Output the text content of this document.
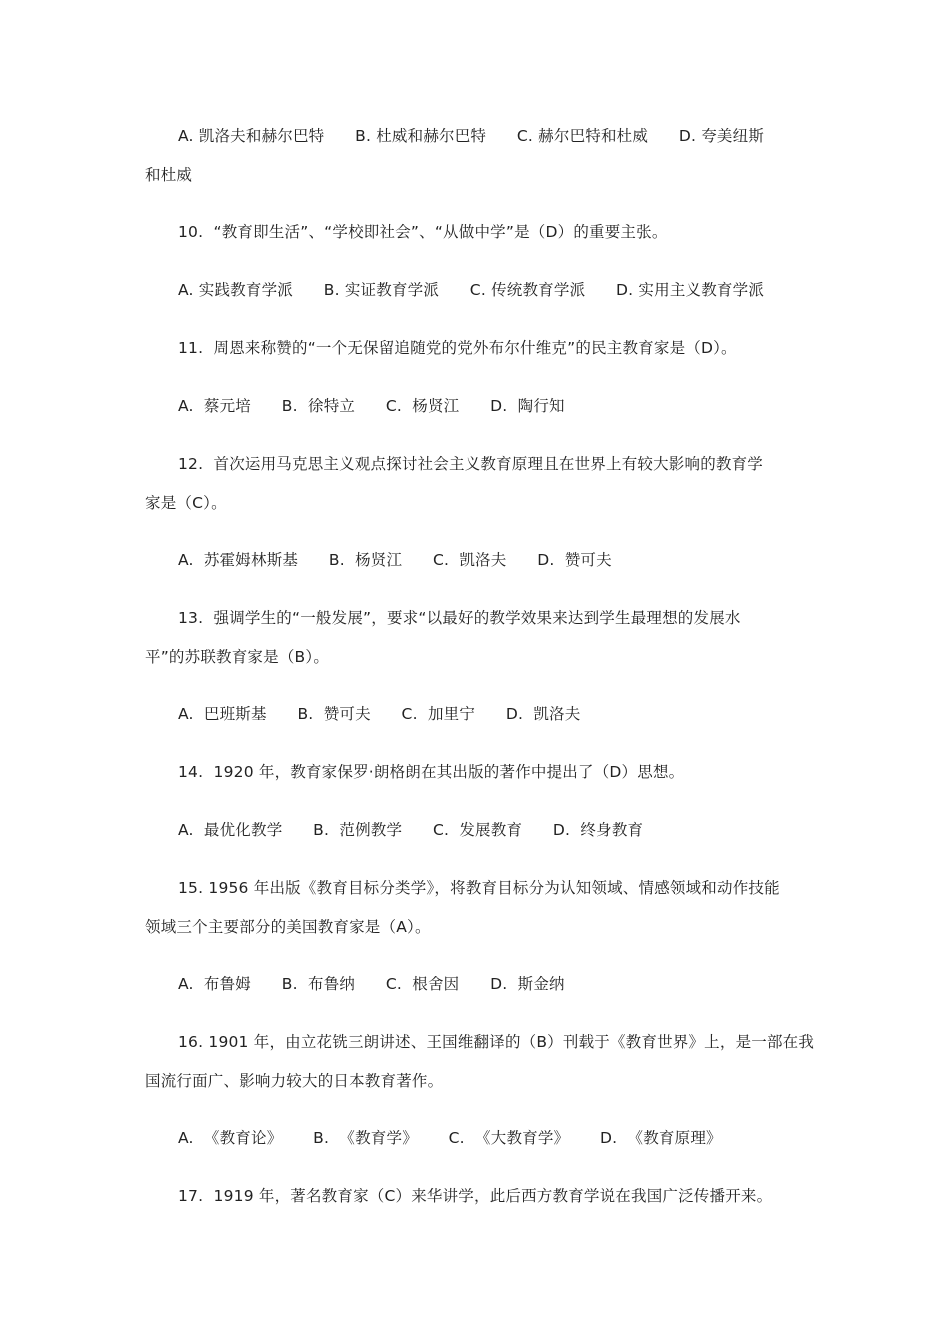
A. 凯洛夫和赫尔巴特      B. 杜威和赫尔巴特      C. 赫尔巴特和杜威      D. 夸美纽斯
和杜威
10.  “教育即生活”、“学校即社会”、“从做中学”是（D）的重要主张。
A. 实践教育学派      B. 实证教育学派      C. 传统教育学派      D. 实用主义教育学派
11.  周恩来称赞的“一个无保留追随党的党外布尔什维克”的民主教育家是（D）。
A.  蔡元培      B.  徐特立      C.  杨贤江      D.  陶行知
12.  首次运用马克思主义观点探讨社会主义教育原理且在世界上有较大影响的教育学
家是（C）。
A.  苏霍姆林斯基      B.  杨贤江      C.  凯洛夫      D.  赞可夫
13.  强调学生的“一般发展”，要求“以最好的教学效果来达到学生最理想的发展水
平”的苏联教育家是（B）。
A.  巴班斯基      B.  赞可夫      C.  加里宁      D.  凯洛夫
14.  1920 年，教育家保罗·朗格朗在其出版的著作中提出了（D）思想。
A.  最优化教学      B.  范例教学      C.  发展教育      D.  终身教育
15. 1956 年出版《教育目标分类学》，将教育目标分为认知领域、情感领域和动作技能
领域三个主要部分的美国教育家是（A）。
A.  布鲁姆      B.  布鲁纳      C.  根舍因      D.  斯金纳
16. 1901 年，由立花铣三朗讲述、王国维翻译的（B）刊载于《教育世界》上，是一部在我
国流行面广、影响力较大的日本教育著作。
A.  《教育论》      B.  《教育学》      C.  《大教育学》      D.  《教育原理》
17.  1919 年，著名教育家（C）来华讲学，此后西方教育学说在我国广泛传播开来。
